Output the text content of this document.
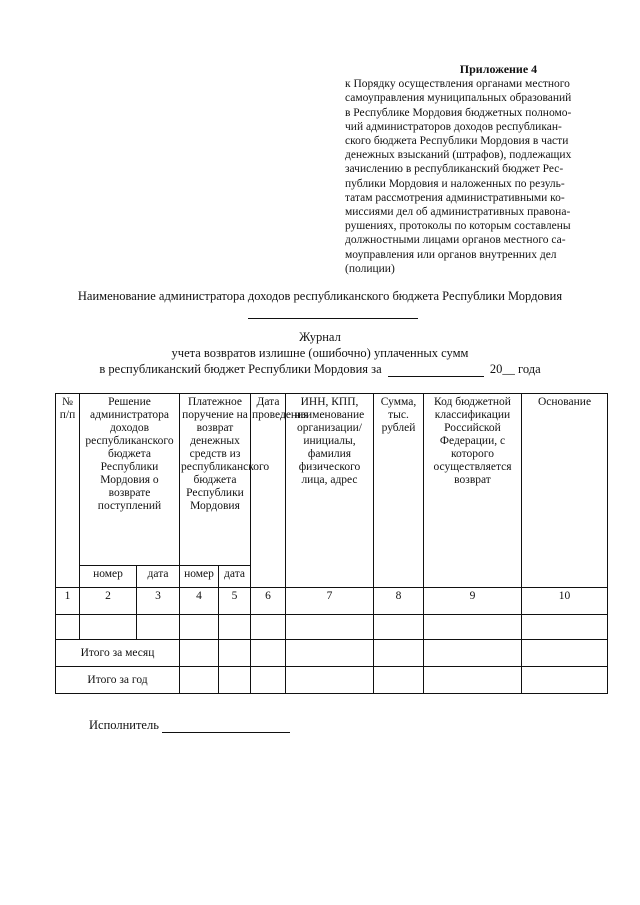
Приложение 4
к Порядку осуществления органами местного
самоуправления муниципальных образований
в Республике Мордовия бюджетных полномо-
чий администраторов доходов республикан-
ского бюджета Республики Мордовия в части
денежных взысканий (штрафов), подлежащих
зачислению в республиканский бюджет Рес-
публики Мордовия и наложенных по резуль-
татам рассмотрения административными ко-
миссиями дел об административных правона-
рушениях, протоколы по которым составлены
должностными лицами органов местного са-
моуправления или органов внутренних дел
(полиции)
Наименование администратора доходов республиканского бюджета Республики Мордовия
Журнал
учета возвратов излишне (ошибочно) уплаченных сумм
в республиканский бюджет Республики Мордовия за	20__ года
№ п/п	Решение администратора доходов республиканского бюджета Республики Мордовия о возврате поступлений		Платежное поручение на возврат денежных средств из республиканского бюджета Республики Мордовия		Дата проведения	ИНН, КПП, наименование организации/инициалы, фамилия физического лица, адрес	Сумма, тыс. рублей	Код бюджетной классификации Российской Федерации, с которого осуществляется возврат	Основание
	номер	дата	номер	дата					
1	2	3	4	5	6	7	8	9	10

Итого за месяц									
Итого за год									
Исполнитель
